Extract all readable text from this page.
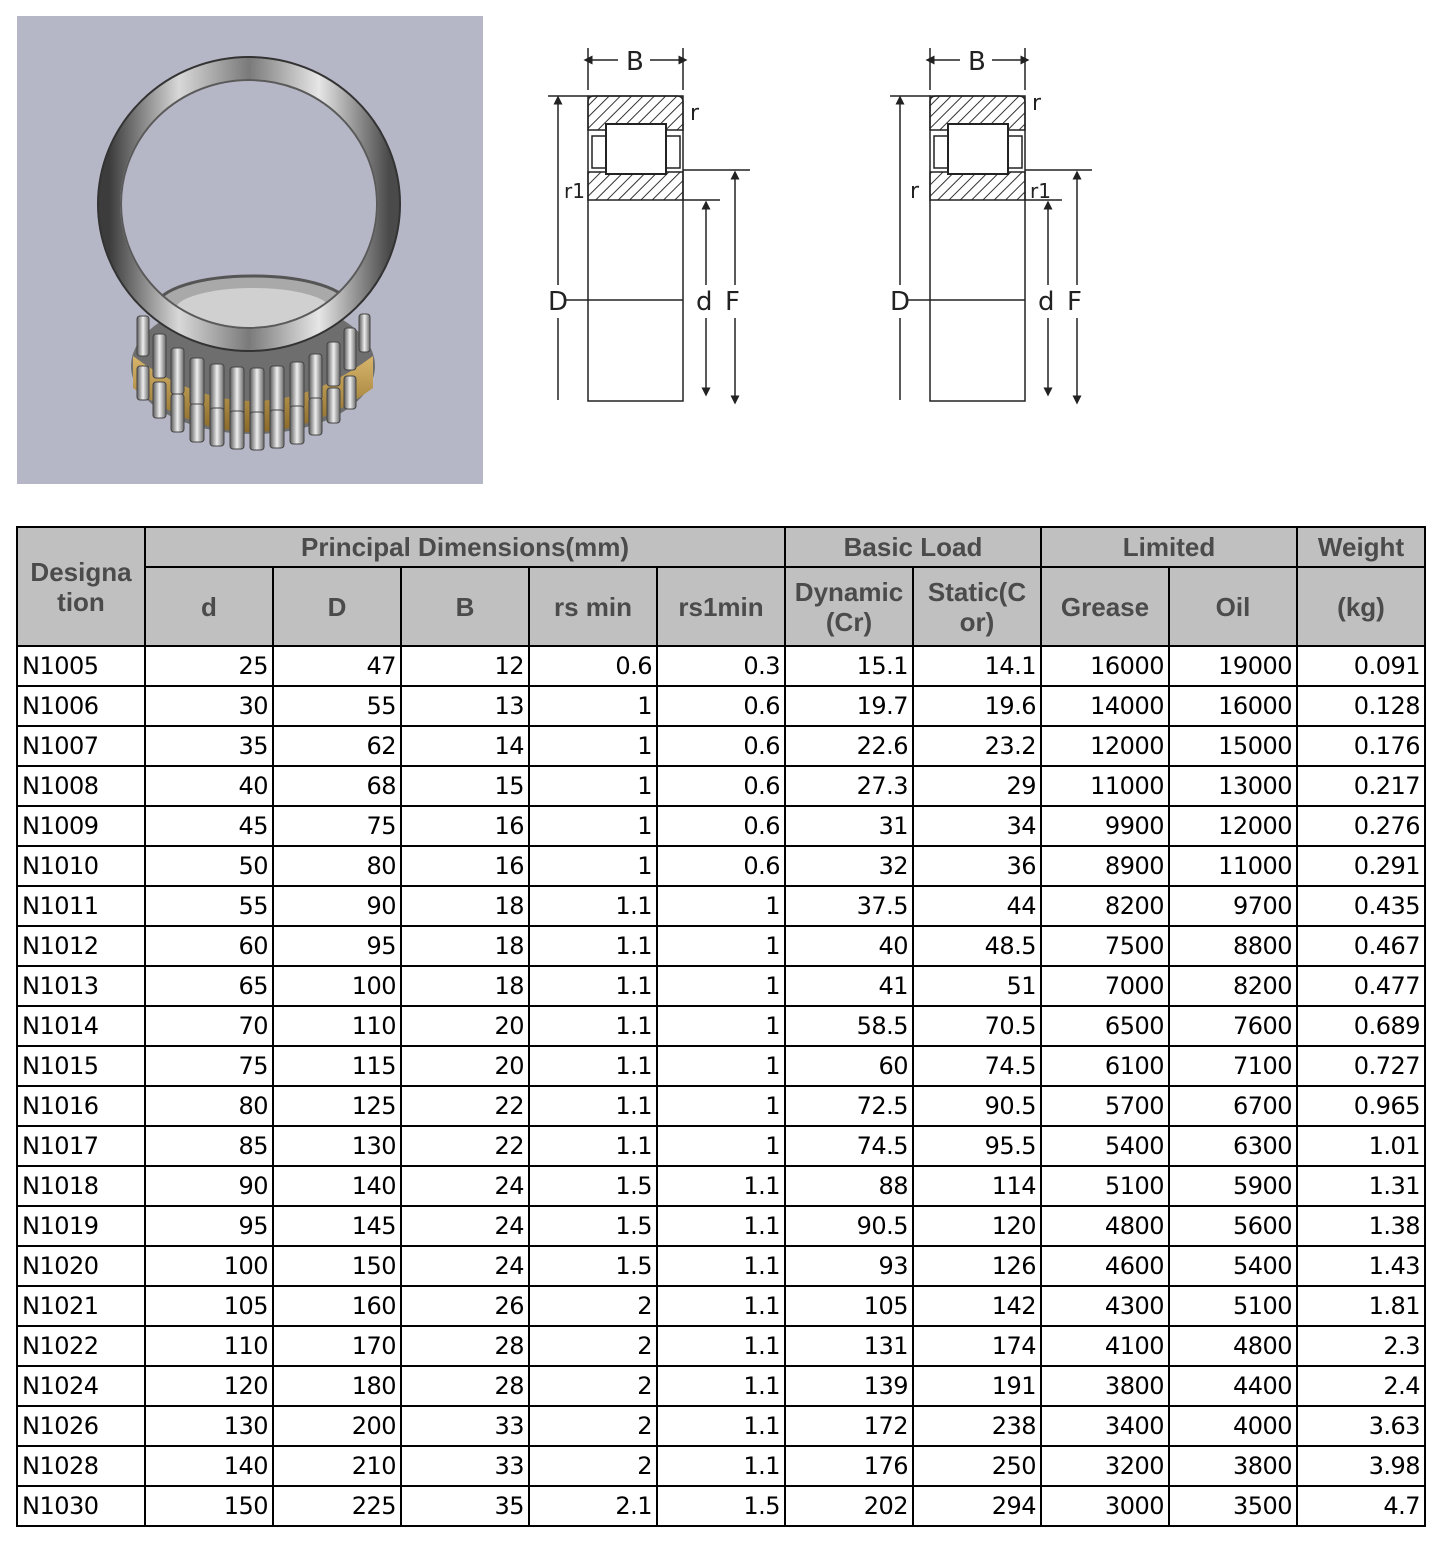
B
r
r1
D	d F
B
r
r	r1
D	d F
Designa tion	Principal Dimensions(mm)					Basic Load		Limited		Weight
	d	D	B	rs min	rs1min	Dynamic (Cr)	Static(C or)	Grease	Oil	(kg)
N1005	25	47	12	0.6	0.3	15.1	14.1	16000	19000	0.091
N1006	30	55	13	1	0.6	19.7	19.6	14000	16000	0.128
N1007	35	62	14	1	0.6	22.6	23.2	12000	15000	0.176
N1008	40	68	15	1	0.6	27.3	29	11000	13000	0.217
N1009	45	75	16	1	0.6	31	34	9900	12000	0.276
N1010	50	80	16	1	0.6	32	36	8900	11000	0.291
N1011	55	90	18	1.1	1	37.5	44	8200	9700	0.435
N1012	60	95	18	1.1	1	40	48.5	7500	8800	0.467
N1013	65	100	18	1.1	1	41	51	7000	8200	0.477
N1014	70	110	20	1.1	1	58.5	70.5	6500	7600	0.689
N1015	75	115	20	1.1	1	60	74.5	6100	7100	0.727
N1016	80	125	22	1.1	1	72.5	90.5	5700	6700	0.965
N1017	85	130	22	1.1	1	74.5	95.5	5400	6300	1.01
N1018	90	140	24	1.5	1.1	88	114	5100	5900	1.31
N1019	95	145	24	1.5	1.1	90.5	120	4800	5600	1.38
N1020	100	150	24	1.5	1.1	93	126	4600	5400	1.43
N1021	105	160	26	2	1.1	105	142	4300	5100	1.81
N1022	110	170	28	2	1.1	131	174	4100	4800	2.3
N1024	120	180	28	2	1.1	139	191	3800	4400	2.4
N1026	130	200	33	2	1.1	172	238	3400	4000	3.63
N1028	140	210	33	2	1.1	176	250	3200	3800	3.98
N1030	150	225	35	2.1	1.5	202	294	3000	3500	4.7
